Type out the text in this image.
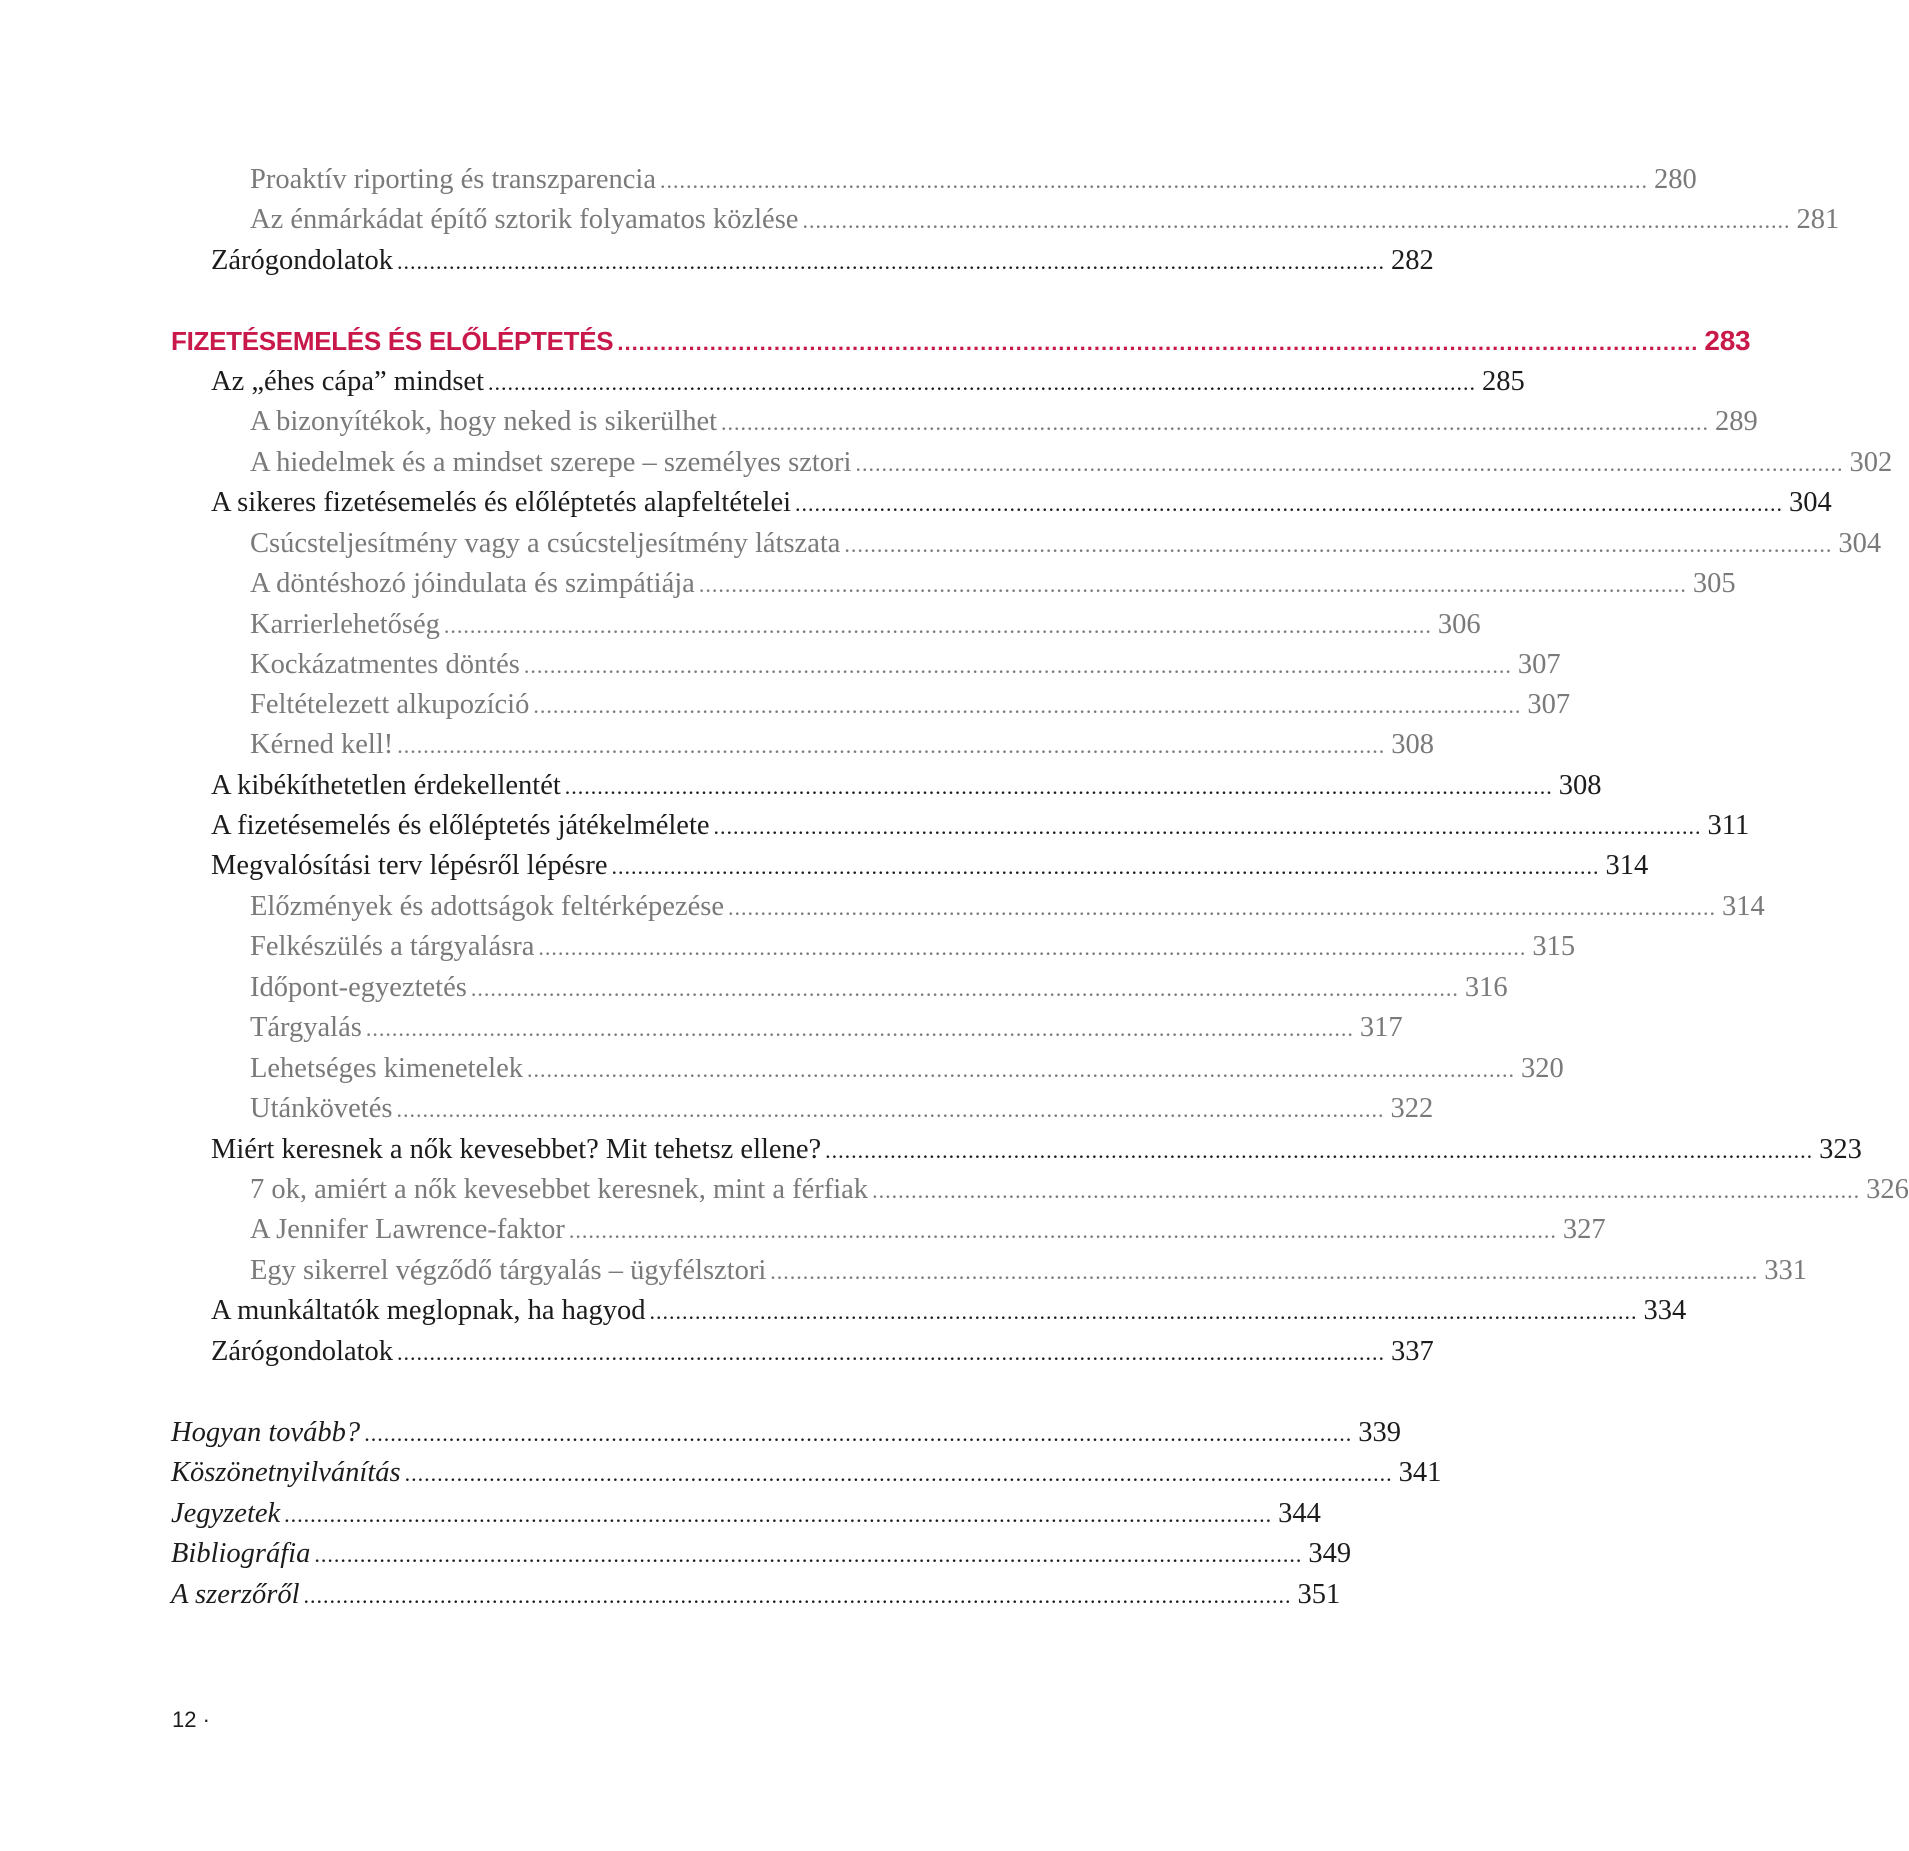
Proaktív riporting és transzparencia ........................................................................................................................................................ 280
Az énmárkádat építő sztorik folyamatos közlése ........................................................................................................................................................ 281
Zárógondolatok ........................................................................................................................................................ 282
FIZETÉSEMELÉS ÉS ELŐLÉPTETÉS ........................................................................................................................................................ 283
Az „éhes cápa” mindset ........................................................................................................................................................ 285
A bizonyítékok, hogy neked is sikerülhet ........................................................................................................................................................ 289
A hiedelmek és a mindset szerepe – személyes sztori ........................................................................................................................................................ 302
A sikeres fizetésemelés és előléptetés alapfeltételei ........................................................................................................................................................ 304
Csúcsteljesítmény vagy a csúcsteljesítmény látszata ........................................................................................................................................................ 304
A döntéshozó jóindulata és szimpátiája ........................................................................................................................................................ 305
Karrierlehetőség ........................................................................................................................................................ 306
Kockázatmentes döntés ........................................................................................................................................................ 307
Feltételezett alkupozíció ........................................................................................................................................................ 307
Kérned kell! ........................................................................................................................................................ 308
A kibékíthetetlen érdekellentét ........................................................................................................................................................ 308
A fizetésemelés és előléptetés játékelmélete ........................................................................................................................................................ 311
Megvalósítási terv lépésről lépésre ........................................................................................................................................................ 314
Előzmények és adottságok feltérképezése ........................................................................................................................................................ 314
Felkészülés a tárgyalásra ........................................................................................................................................................ 315
Időpont-egyeztetés ........................................................................................................................................................ 316
Tárgyalás ........................................................................................................................................................ 317
Lehetséges kimenetelek ........................................................................................................................................................ 320
Utánkövetés ........................................................................................................................................................ 322
Miért keresnek a nők kevesebbet? Mit tehetsz ellene? ........................................................................................................................................................ 323
7 ok, amiért a nők kevesebbet keresnek, mint a férfiak ........................................................................................................................................................ 326
A Jennifer Lawrence-faktor ........................................................................................................................................................ 327
Egy sikerrel végződő tárgyalás – ügyfélsztori ........................................................................................................................................................ 331
A munkáltatók meglopnak, ha hagyod ........................................................................................................................................................ 334
Zárógondolatok ........................................................................................................................................................ 337
Hogyan tovább? ........................................................................................................................................................ 339
Köszönetnyilvánítás ........................................................................................................................................................ 341
Jegyzetek ........................................................................................................................................................ 344
Bibliográfia ........................................................................................................................................................ 349
A szerzőről ........................................................................................................................................................ 351
12 ·
